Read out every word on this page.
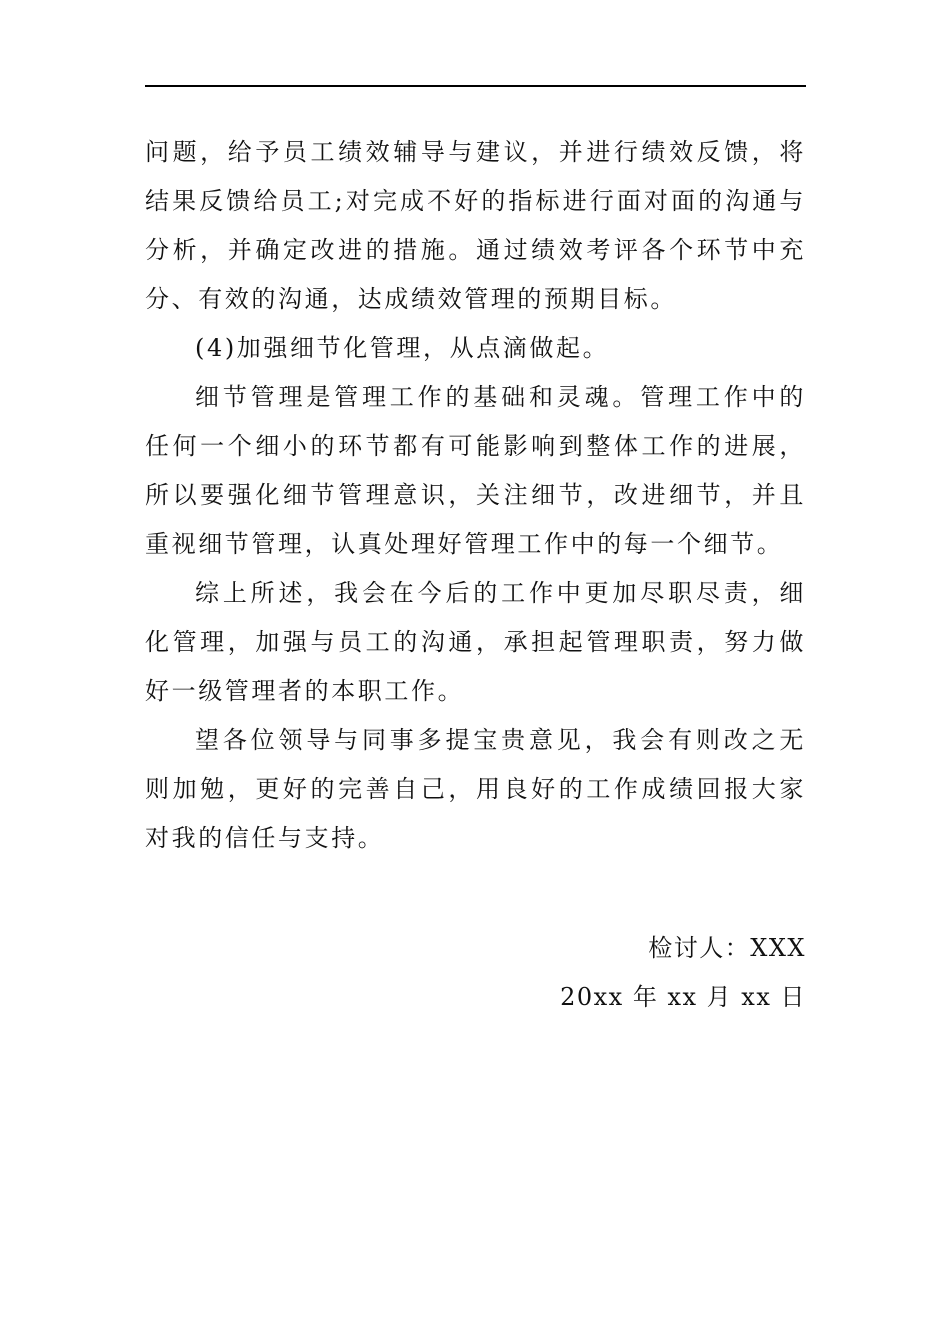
问题，给予员工绩效辅导与建议，并进行绩效反馈，将结果反馈给员工;对完成不好的指标进行面对面的沟通与分析，并确定改进的措施。通过绩效考评各个环节中充分、有效的沟通，达成绩效管理的预期目标。

(4)加强细节化管理，从点滴做起。

细节管理是管理工作的基础和灵魂。管理工作中的任何一个细小的环节都有可能影响到整体工作的进展，所以要强化细节管理意识，关注细节，改进细节，并且重视细节管理，认真处理好管理工作中的每一个细节。

综上所述，我会在今后的工作中更加尽职尽责，细化管理，加强与员工的沟通，承担起管理职责，努力做好一级管理者的本职工作。

望各位领导与同事多提宝贵意见，我会有则改之无则加勉，更好的完善自己，用良好的工作成绩回报大家对我的信任与支持。

检讨人：XXX
20xx 年 xx 月 xx 日
